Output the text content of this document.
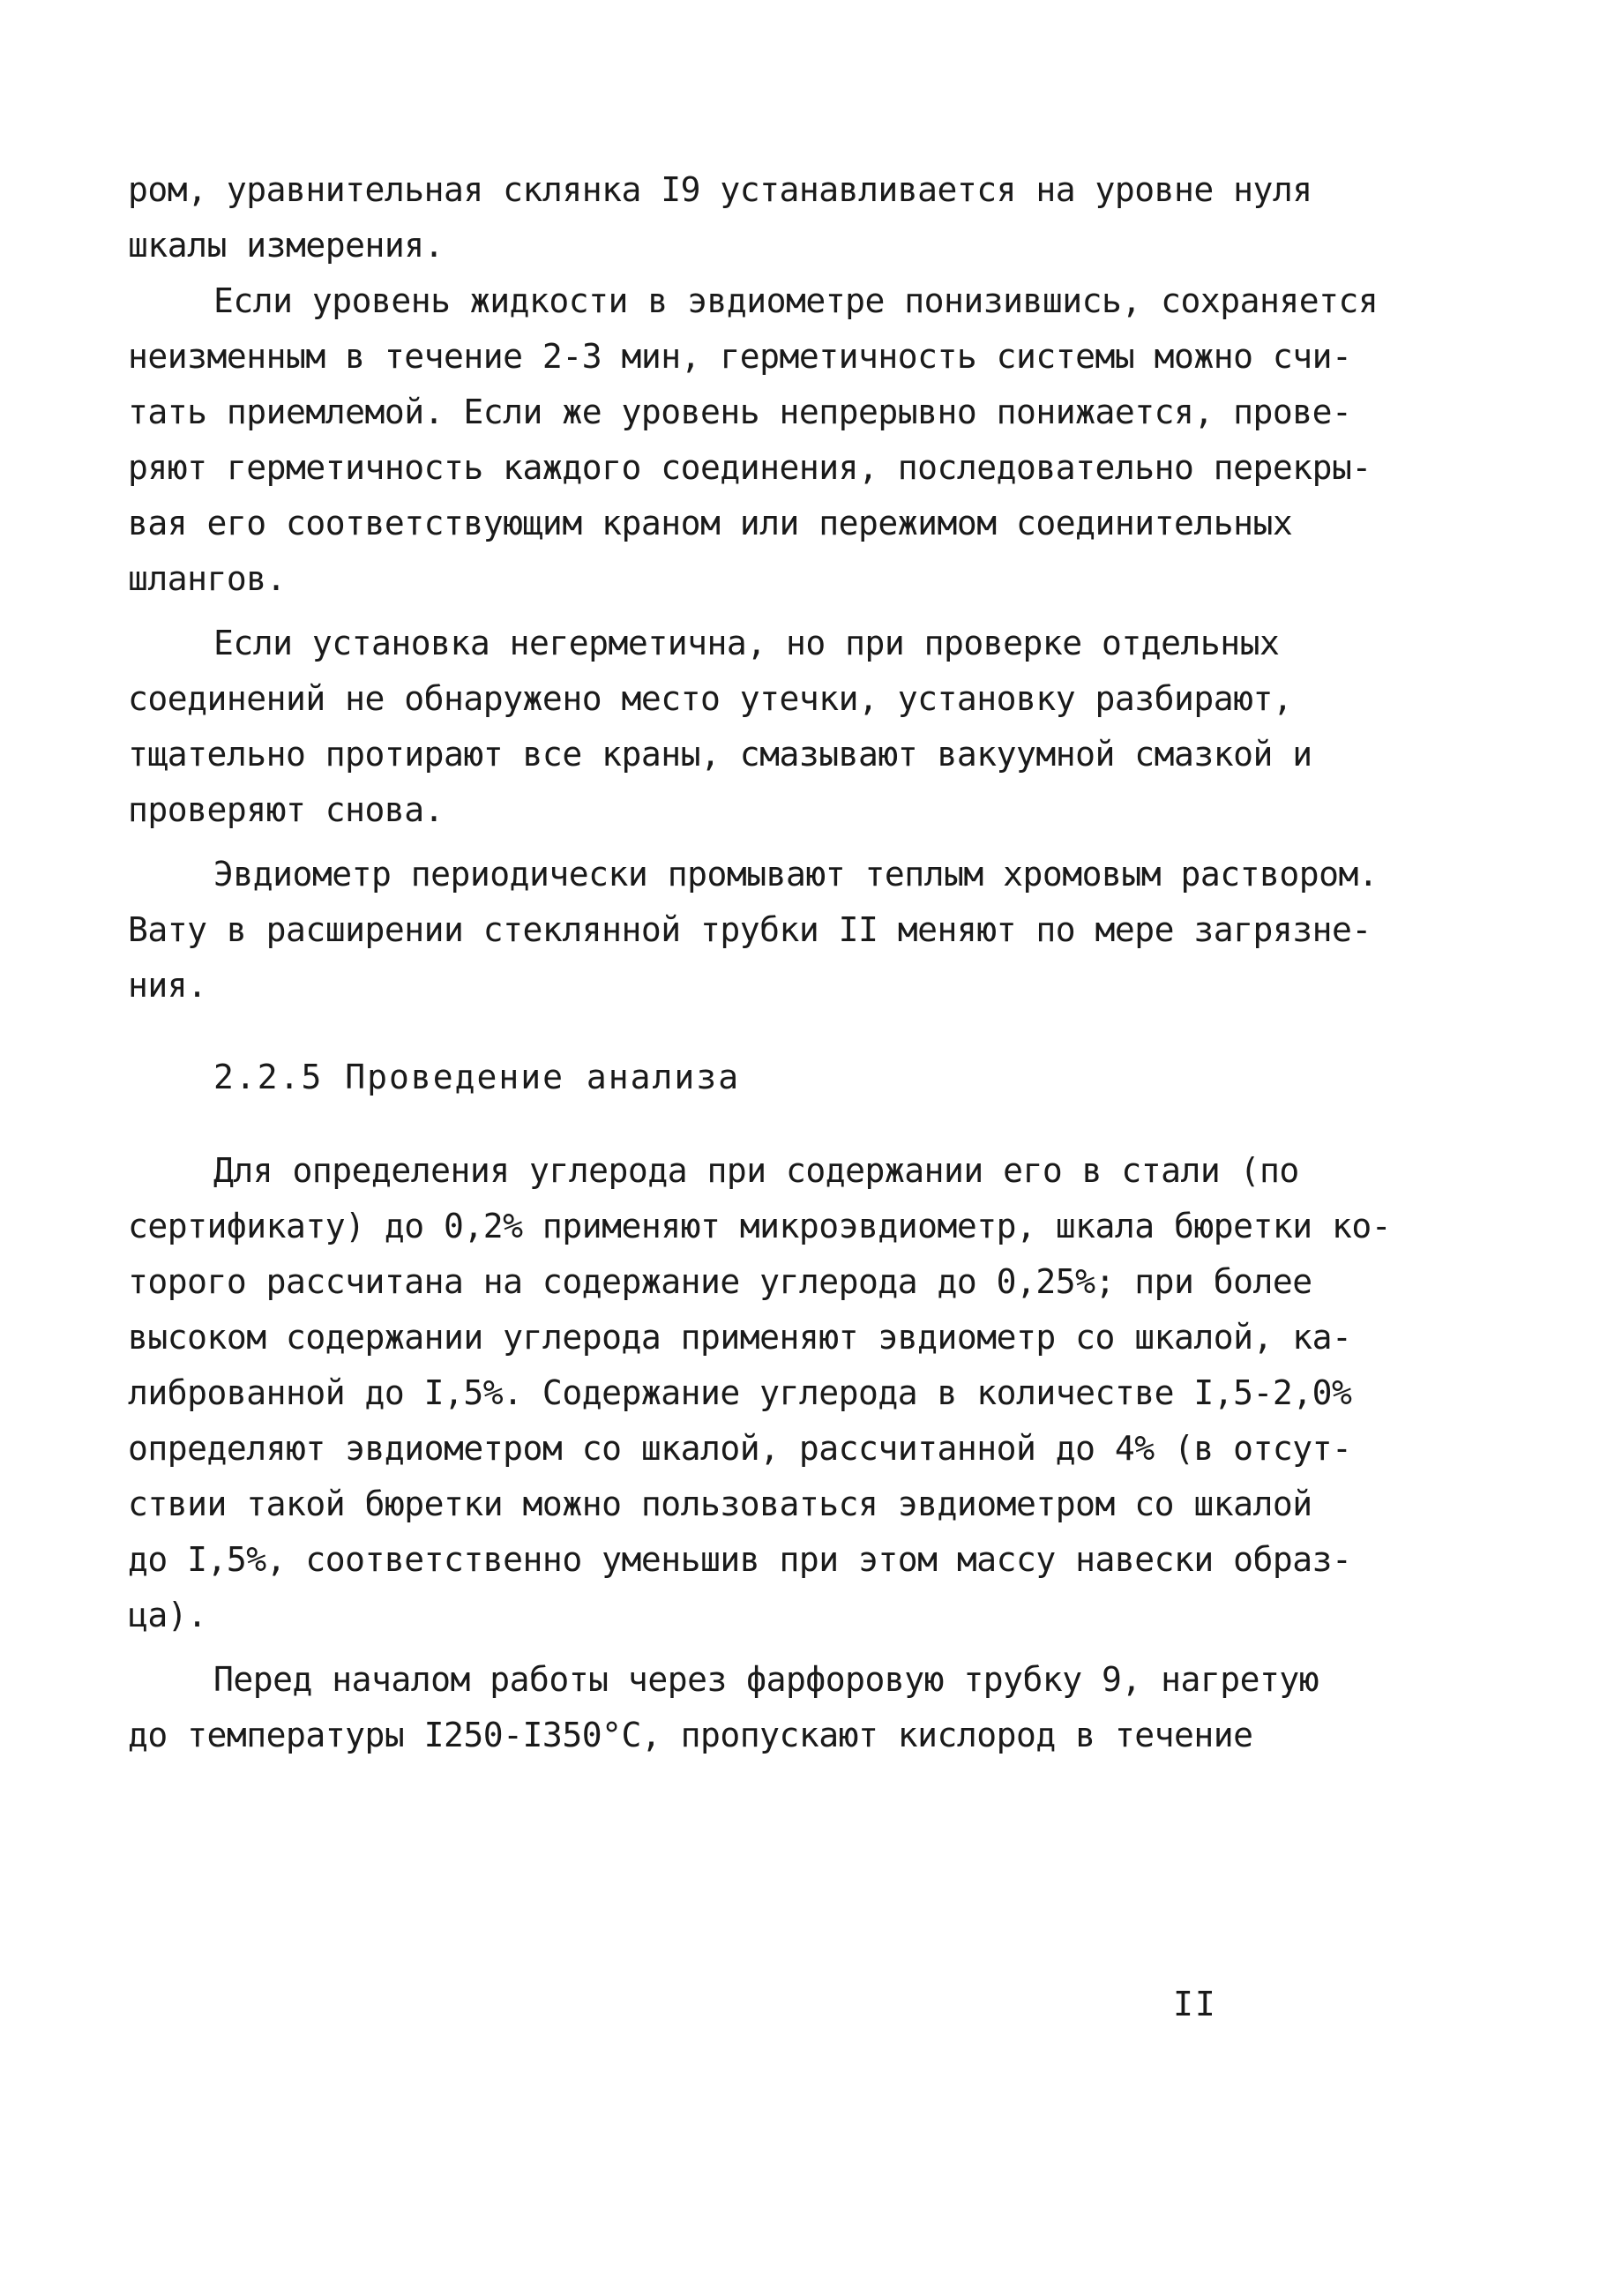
ром, уравнительная склянка I9 устанавливается на уровне нуля
шкалы измерения.
Если уровень жидкости в эвдиометре понизившись, сохраняется
неизменным в течение 2-3 мин, герметичность системы можно счи-
тать приемлемой. Если же уровень непрерывно понижается, прове-
ряют герметичность каждого соединения, последовательно перекры-
вая его соответствующим краном или пережимом соединительных
шлангов.
Если установка негерметична, но при проверке отдельных
соединений не обнаружено место утечки, установку разбирают,
тщательно протирают все краны, смазывают вакуумной смазкой и
проверяют снова.
Эвдиометр периодически промывают теплым хромовым раствором.
Вату в расширении стеклянной трубки II меняют по мере загрязне-
ния.
2.2.5 Проведение анализа
Для определения углерода при содержании его в стали (по
сертификату) до 0,2% применяют микроэвдиометр, шкала бюретки ко-
торого рассчитана на содержание углерода до 0,25%; при более
высоком содержании углерода применяют эвдиометр со шкалой, ка-
либрованной до I,5%. Содержание углерода в количестве I,5-2,0%
определяют эвдиометром со шкалой, рассчитанной до 4% (в отсут-
ствии такой бюретки можно пользоваться эвдиометром со шкалой
до I,5%, соответственно уменьшив при этом массу навески образ-
ца).
Перед началом работы через фарфоровую трубку 9, нагретую
до температуры I250-I350°С, пропускают кислород в течение
II
